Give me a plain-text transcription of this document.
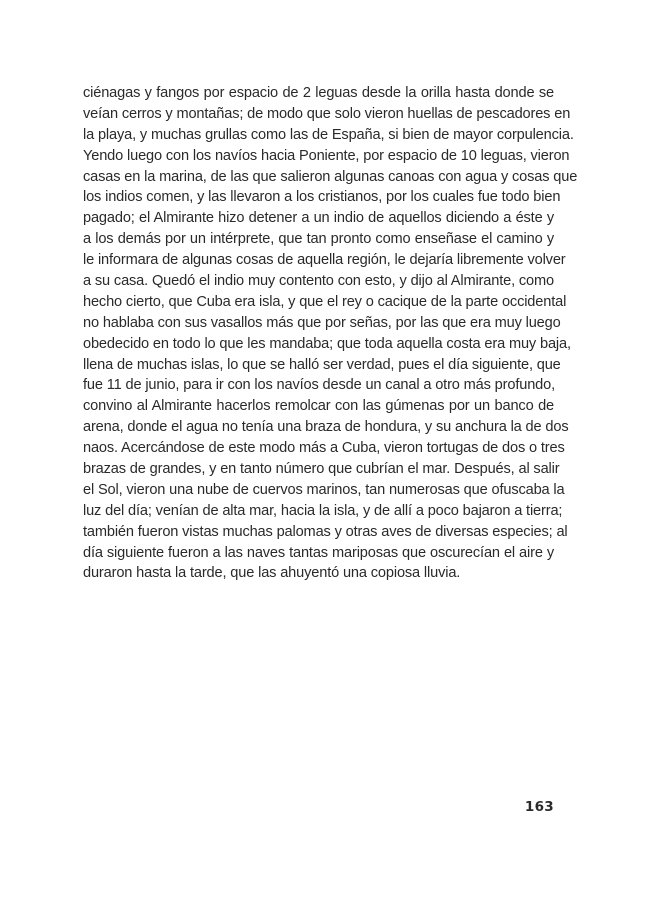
ciénagas y fangos por espacio de 2 leguas desde la orilla hasta donde se
veían cerros y montañas; de modo que solo vieron huellas de pescadores en
la playa, y muchas grullas como las de España, si bien de mayor corpulencia.
Yendo luego con los navíos hacia Poniente, por espacio de 10 leguas, vieron
casas en la marina, de las que salieron algunas canoas con agua y cosas que
los indios comen, y las llevaron a los cristianos, por los cuales fue todo bien
pagado; el Almirante hizo detener a un indio de aquellos diciendo a éste y
a los demás por un intérprete, que tan pronto como enseñase el camino y
le informara de algunas cosas de aquella región, le dejaría libremente volver
a su casa. Quedó el indio muy contento con esto, y dijo al Almirante, como
hecho cierto, que Cuba era isla, y que el rey o cacique de la parte occidental
no hablaba con sus vasallos más que por señas, por las que era muy luego
obedecido en todo lo que les mandaba; que toda aquella costa era muy baja,
llena de muchas islas, lo que se halló ser verdad, pues el día siguiente, que
fue 11 de junio, para ir con los navíos desde un canal a otro más profundo,
convino al Almirante hacerlos remolcar con las gúmenas por un banco de
arena, donde el agua no tenía una braza de hondura, y su anchura la de dos
naos. Acercándose de este modo más a Cuba, vieron tortugas de dos o tres
brazas de grandes, y en tanto número que cubrían el mar. Después, al salir
el Sol, vieron una nube de cuervos marinos, tan numerosas que ofuscaba la
luz del día; venían de alta mar, hacia la isla, y de allí a poco bajaron a tierra;
también fueron vistas muchas palomas y otras aves de diversas especies; al
día siguiente fueron a las naves tantas mariposas que oscurecían el aire y
duraron hasta la tarde, que las ahuyentó una copiosa lluvia.
163
